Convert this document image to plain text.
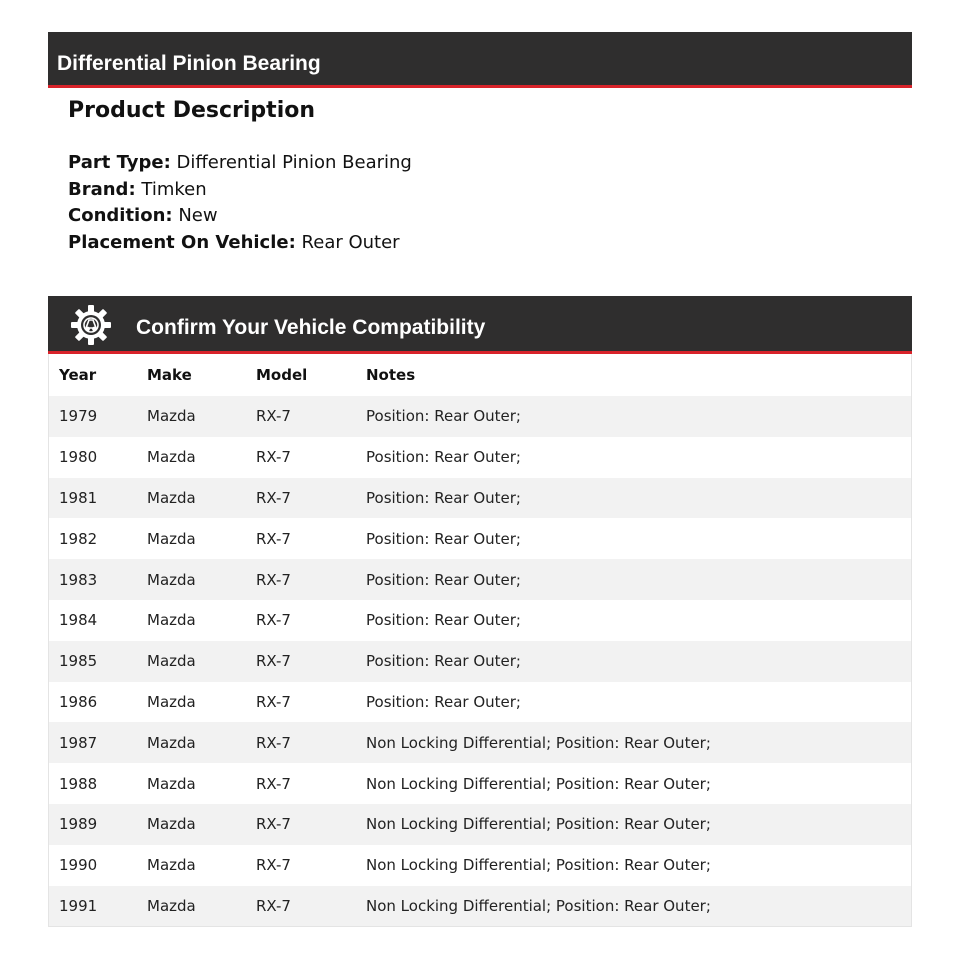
Differential Pinion Bearing
Product Description
Part Type: Differential Pinion Bearing
Brand: Timken
Condition: New
Placement On Vehicle: Rear Outer
Confirm Your Vehicle Compatibility
Year	Make	Model	Notes
1979	Mazda	RX-7	Position: Rear Outer;
1980	Mazda	RX-7	Position: Rear Outer;
1981	Mazda	RX-7	Position: Rear Outer;
1982	Mazda	RX-7	Position: Rear Outer;
1983	Mazda	RX-7	Position: Rear Outer;
1984	Mazda	RX-7	Position: Rear Outer;
1985	Mazda	RX-7	Position: Rear Outer;
1986	Mazda	RX-7	Position: Rear Outer;
1987	Mazda	RX-7	Non Locking Differential; Position: Rear Outer;
1988	Mazda	RX-7	Non Locking Differential; Position: Rear Outer;
1989	Mazda	RX-7	Non Locking Differential; Position: Rear Outer;
1990	Mazda	RX-7	Non Locking Differential; Position: Rear Outer;
1991	Mazda	RX-7	Non Locking Differential; Position: Rear Outer;
